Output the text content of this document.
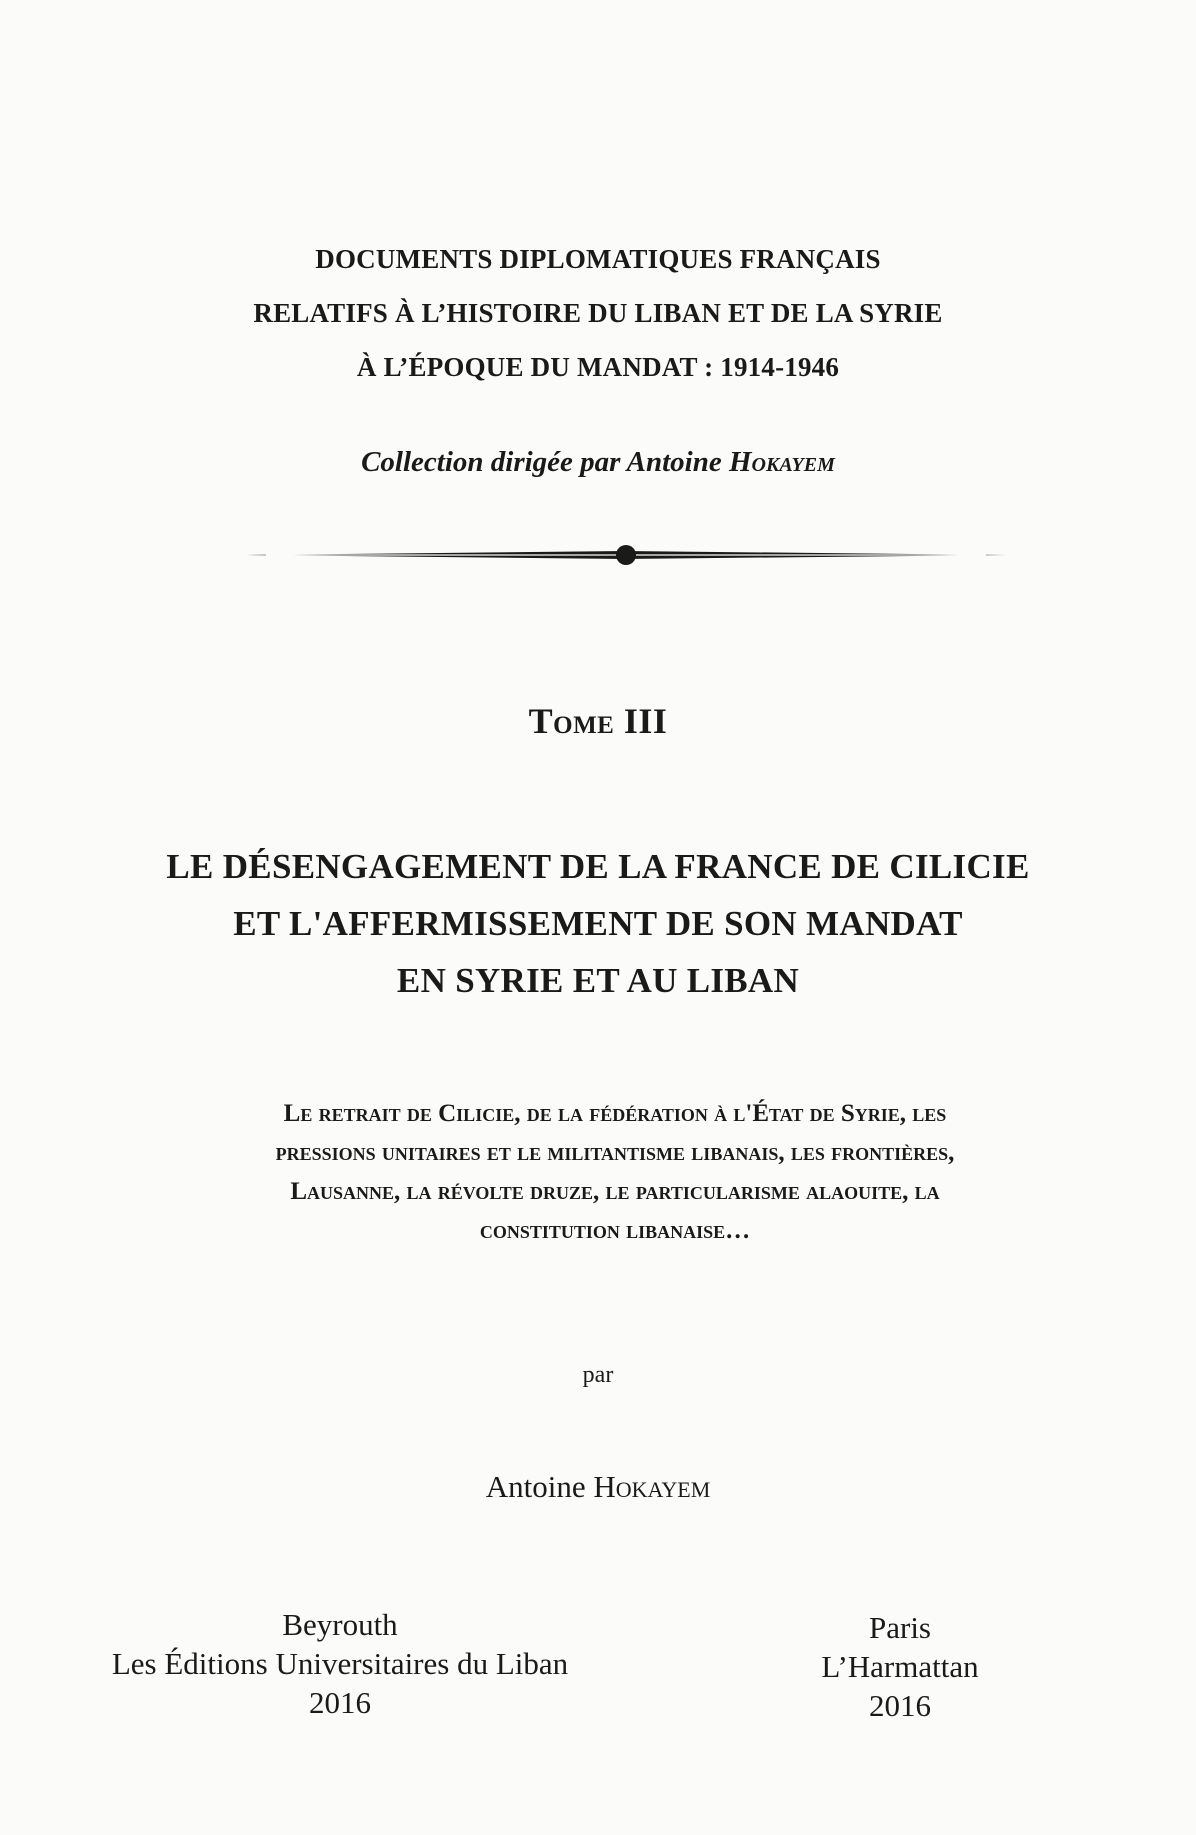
DOCUMENTS DIPLOMATIQUES FRANÇAIS
RELATIFS À L’HISTOIRE DU LIBAN ET DE LA SYRIE
À L’ÉPOQUE DU MANDAT : 1914-1946
Collection dirigée par Antoine Hokayem
Tome III
LE DÉSENGAGEMENT DE LA FRANCE DE CILICIE
ET L'AFFERMISSEMENT DE SON MANDAT
EN SYRIE ET AU LIBAN
Le retrait de Cilicie, de la fédération à l'État de Syrie, les
pressions unitaires et le militantisme libanais, les frontières,
Lausanne, la révolte druze, le particularisme alaouite, la
constitution libanaise…
par
Antoine Hokayem
Beyrouth
Les Éditions Universitaires du Liban
2016
Paris
L’Harmattan
2016
